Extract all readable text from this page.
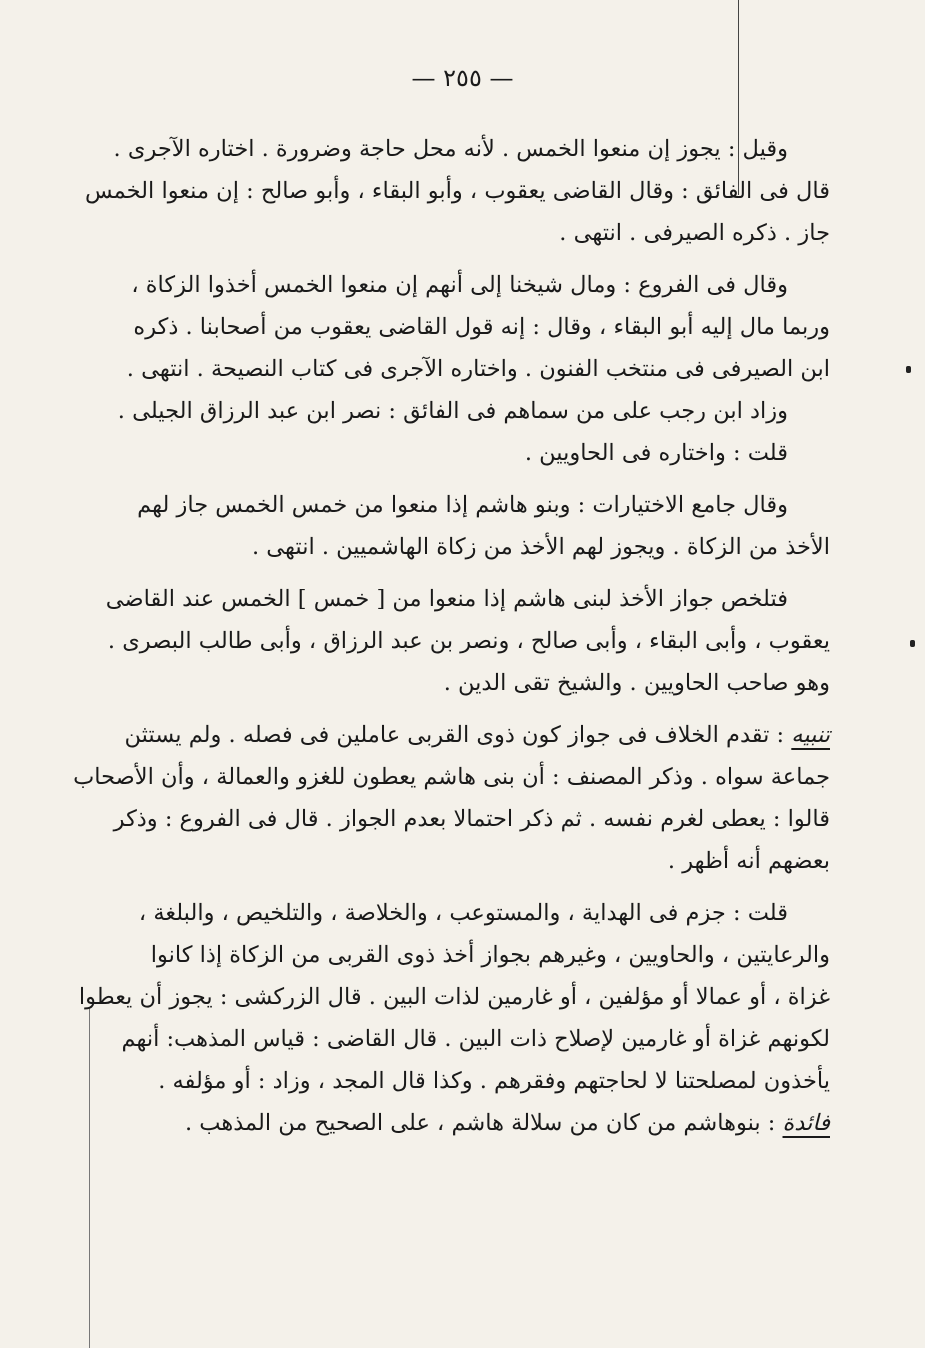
— ٢٥٥ —
وقيل : يجوز إن منعوا الخمس . لأنه محل حاجة وضرورة . اختاره الآجرى .
قال فى الفائق : وقال القاضى يعقوب ، وأبو البقاء ، وأبو صالح : إن منعوا الخمس
جاز . ذكره الصيرفى . انتهى .
وقال فى الفروع : ومال شيخنا إلى أنهم إن منعوا الخمس أخذوا الزكاة ،
وربما مال إليه أبو البقاء ، وقال : إنه قول القاضى يعقوب من أصحابنا . ذكره
ابن الصيرفى فى منتخب الفنون . واختاره الآجرى فى كتاب النصيحة . انتهى .
وزاد ابن رجب على من سماهم فى الفائق : نصر ابن عبد الرزاق الجيلى .
قلت : واختاره فى الحاويين .
وقال جامع الاختيارات : وبنو هاشم إذا منعوا من خمس الخمس جاز لهم
الأخذ من الزكاة . ويجوز لهم الأخذ من زكاة الهاشميين . انتهى .
فتلخص جواز الأخذ لبنى هاشم إذا منعوا من [ خمس ] الخمس عند القاضى
يعقوب ، وأبى البقاء ، وأبى صالح ، ونصر بن عبد الرزاق ، وأبى طالب البصرى .
وهو صاحب الحاويين . والشيخ تقى الدين .
تنبيه : تقدم الخلاف فى جواز كون ذوى القربى عاملين فى فصله . ولم يستثن
جماعة سواه . وذكر المصنف : أن بنى هاشم يعطون للغزو والعمالة ، وأن الأصحاب
قالوا : يعطى لغرم نفسه . ثم ذكر احتمالا بعدم الجواز . قال فى الفروع : وذكر
بعضهم أنه أظهر .
قلت : جزم فى الهداية ، والمستوعب ، والخلاصة ، والتلخيص ، والبلغة ،
والرعايتين ، والحاويين ، وغيرهم بجواز أخذ ذوى القربى من الزكاة إذا كانوا
غزاة ، أو عمالا أو مؤلفين ، أو غارمين لذات البين . قال الزركشى : يجوز أن يعطوا
لكونهم غزاة أو غارمين لإصلاح ذات البين . قال القاضى : قياس المذهب: أنهم
يأخذون لمصلحتنا لا لحاجتهم وفقرهم . وكذا قال المجد ، وزاد : أو مؤلفه .
فائدة : بنوهاشم من كان من سلالة هاشم ، على الصحيح من المذهب .
